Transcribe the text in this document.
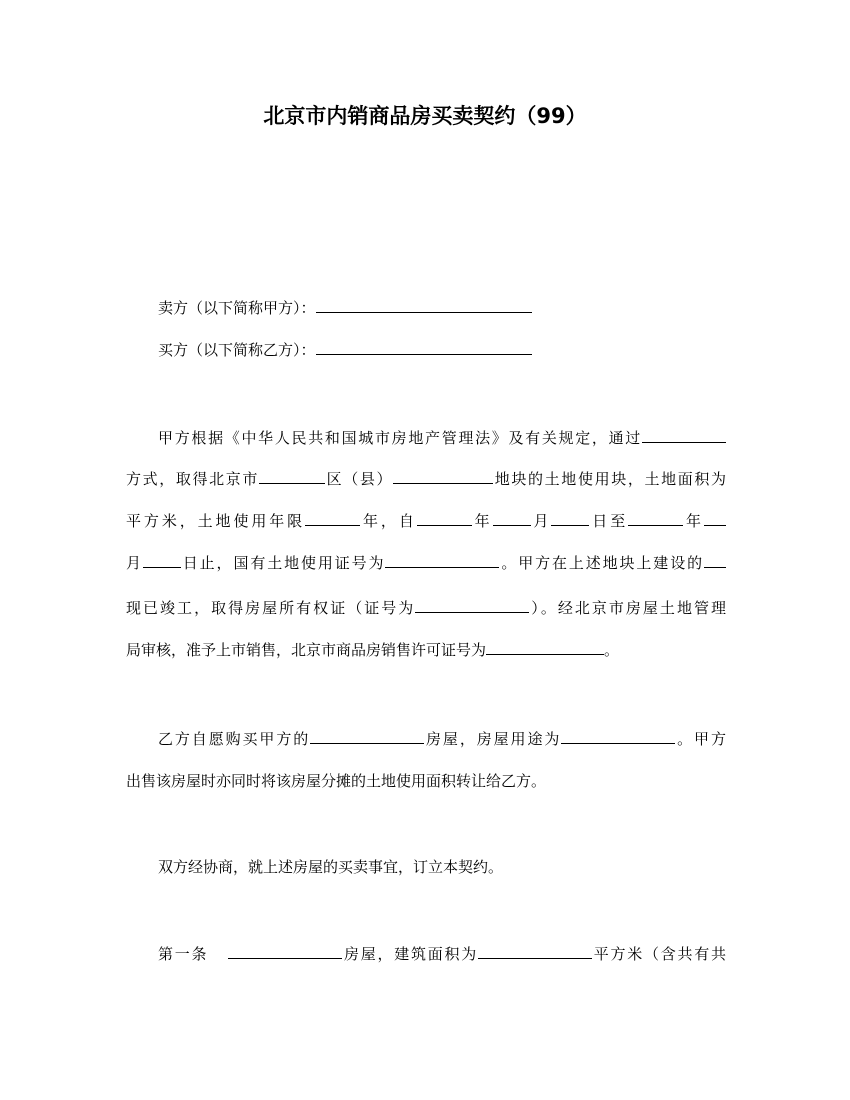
北京市内销商品房买卖契约（99）
卖方（以下简称甲方）：
买方（以下简称乙方）：
甲方根据《中华人民共和国城市房地产管理法》及有关规定，通过
方式，取得北京市	区（县）	地块的土地使用块，土地面积为
平方米，土地使用年限	年，自	年	月	日至	年
月	日止，国有土地使用证号为	。甲方在上述地块上建设的
现已竣工，取得房屋所有权证（证号为	）。经北京市房屋土地管理
局审核，准予上市销售，北京市商品房销售许可证号为	。
乙方自愿购买甲方的	房屋，房屋用途为	。甲方
出售该房屋时亦同时将该房屋分摊的土地使用面积转让给乙方。
双方经协商，就上述房屋的买卖事宜，订立本契约。
第一条	房屋，建筑面积为	平方米（含共有共
